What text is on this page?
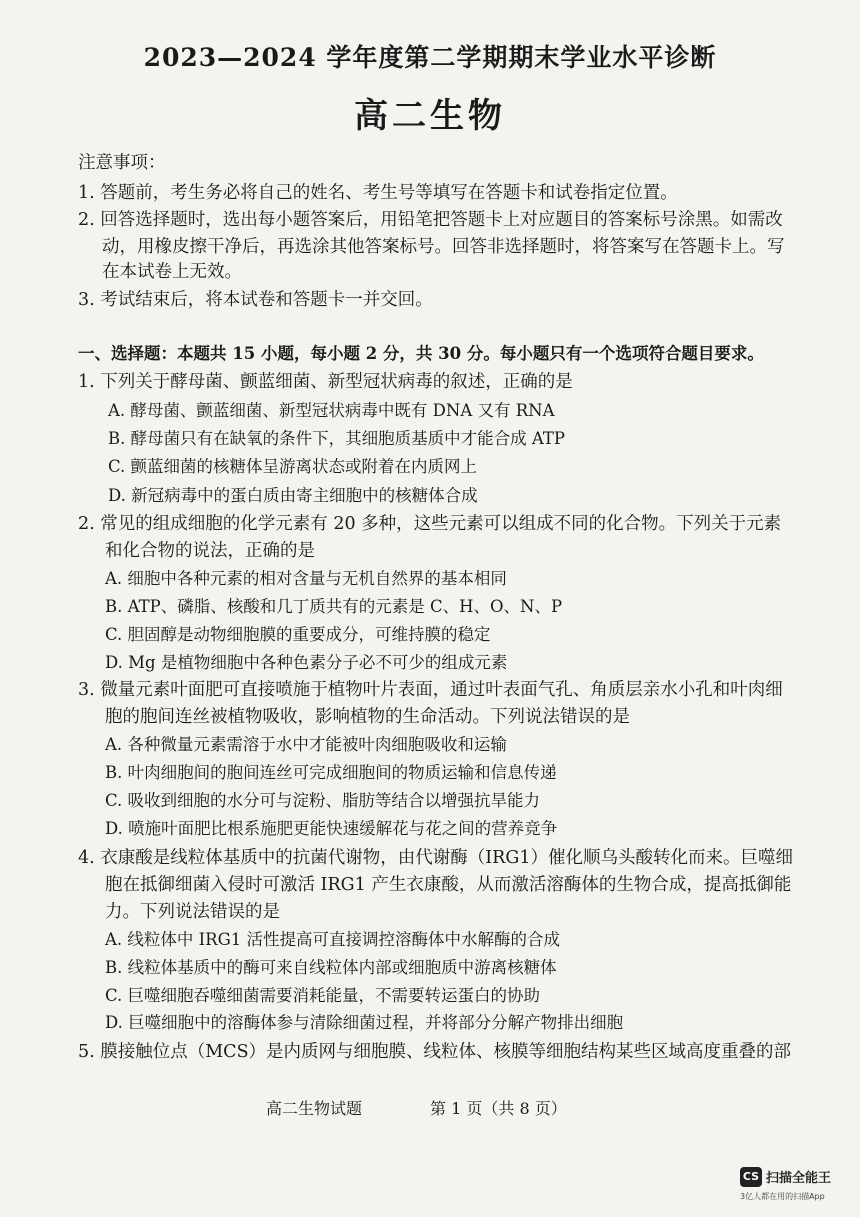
2023—2024 学年度第二学期期末学业水平诊断
高二生物
注意事项：
1. 答题前，考生务必将自己的姓名、考生号等填写在答题卡和试卷指定位置。
2. 回答选择题时，选出每小题答案后，用铅笔把答题卡上对应题目的答案标号涂黑。如需改
动，用橡皮擦干净后，再选涂其他答案标号。回答非选择题时，将答案写在答题卡上。写
在本试卷上无效。
3. 考试结束后，将本试卷和答题卡一并交回。
一、选择题：本题共 15 小题，每小题 2 分，共 30 分。每小题只有一个选项符合题目要求。
1. 下列关于酵母菌、颤蓝细菌、新型冠状病毒的叙述，正确的是
A. 酵母菌、颤蓝细菌、新型冠状病毒中既有 DNA 又有 RNA
B. 酵母菌只有在缺氧的条件下，其细胞质基质中才能合成 ATP
C. 颤蓝细菌的核糖体呈游离状态或附着在内质网上
D. 新冠病毒中的蛋白质由寄主细胞中的核糖体合成
2. 常见的组成细胞的化学元素有 20 多种，这些元素可以组成不同的化合物。下列关于元素
和化合物的说法，正确的是
A. 细胞中各种元素的相对含量与无机自然界的基本相同
B. ATP、磷脂、核酸和几丁质共有的元素是 C、H、O、N、P
C. 胆固醇是动物细胞膜的重要成分，可维持膜的稳定
D. Mg 是植物细胞中各种色素分子必不可少的组成元素
3. 微量元素叶面肥可直接喷施于植物叶片表面，通过叶表面气孔、角质层亲水小孔和叶肉细
胞的胞间连丝被植物吸收，影响植物的生命活动。下列说法错误的是
A. 各种微量元素需溶于水中才能被叶肉细胞吸收和运输
B. 叶肉细胞间的胞间连丝可完成细胞间的物质运输和信息传递
C. 吸收到细胞的水分可与淀粉、脂肪等结合以增强抗旱能力
D. 喷施叶面肥比根系施肥更能快速缓解花与花之间的营养竞争
4. 衣康酸是线粒体基质中的抗菌代谢物，由代谢酶（IRG1）催化顺乌头酸转化而来。巨噬细
胞在抵御细菌入侵时可激活 IRG1 产生衣康酸，从而激活溶酶体的生物合成，提高抵御能
力。下列说法错误的是
A. 线粒体中 IRG1 活性提高可直接调控溶酶体中水解酶的合成
B. 线粒体基质中的酶可来自线粒体内部或细胞质中游离核糖体
C. 巨噬细胞吞噬细菌需要消耗能量，不需要转运蛋白的协助
D. 巨噬细胞中的溶酶体参与清除细菌过程，并将部分分解产物排出细胞
5. 膜接触位点（MCS）是内质网与细胞膜、线粒体、核膜等细胞结构某些区域高度重叠的部
高二生物试题	第 1 页（共 8 页）
CS 扫描全能王
3亿人都在用的扫描App
